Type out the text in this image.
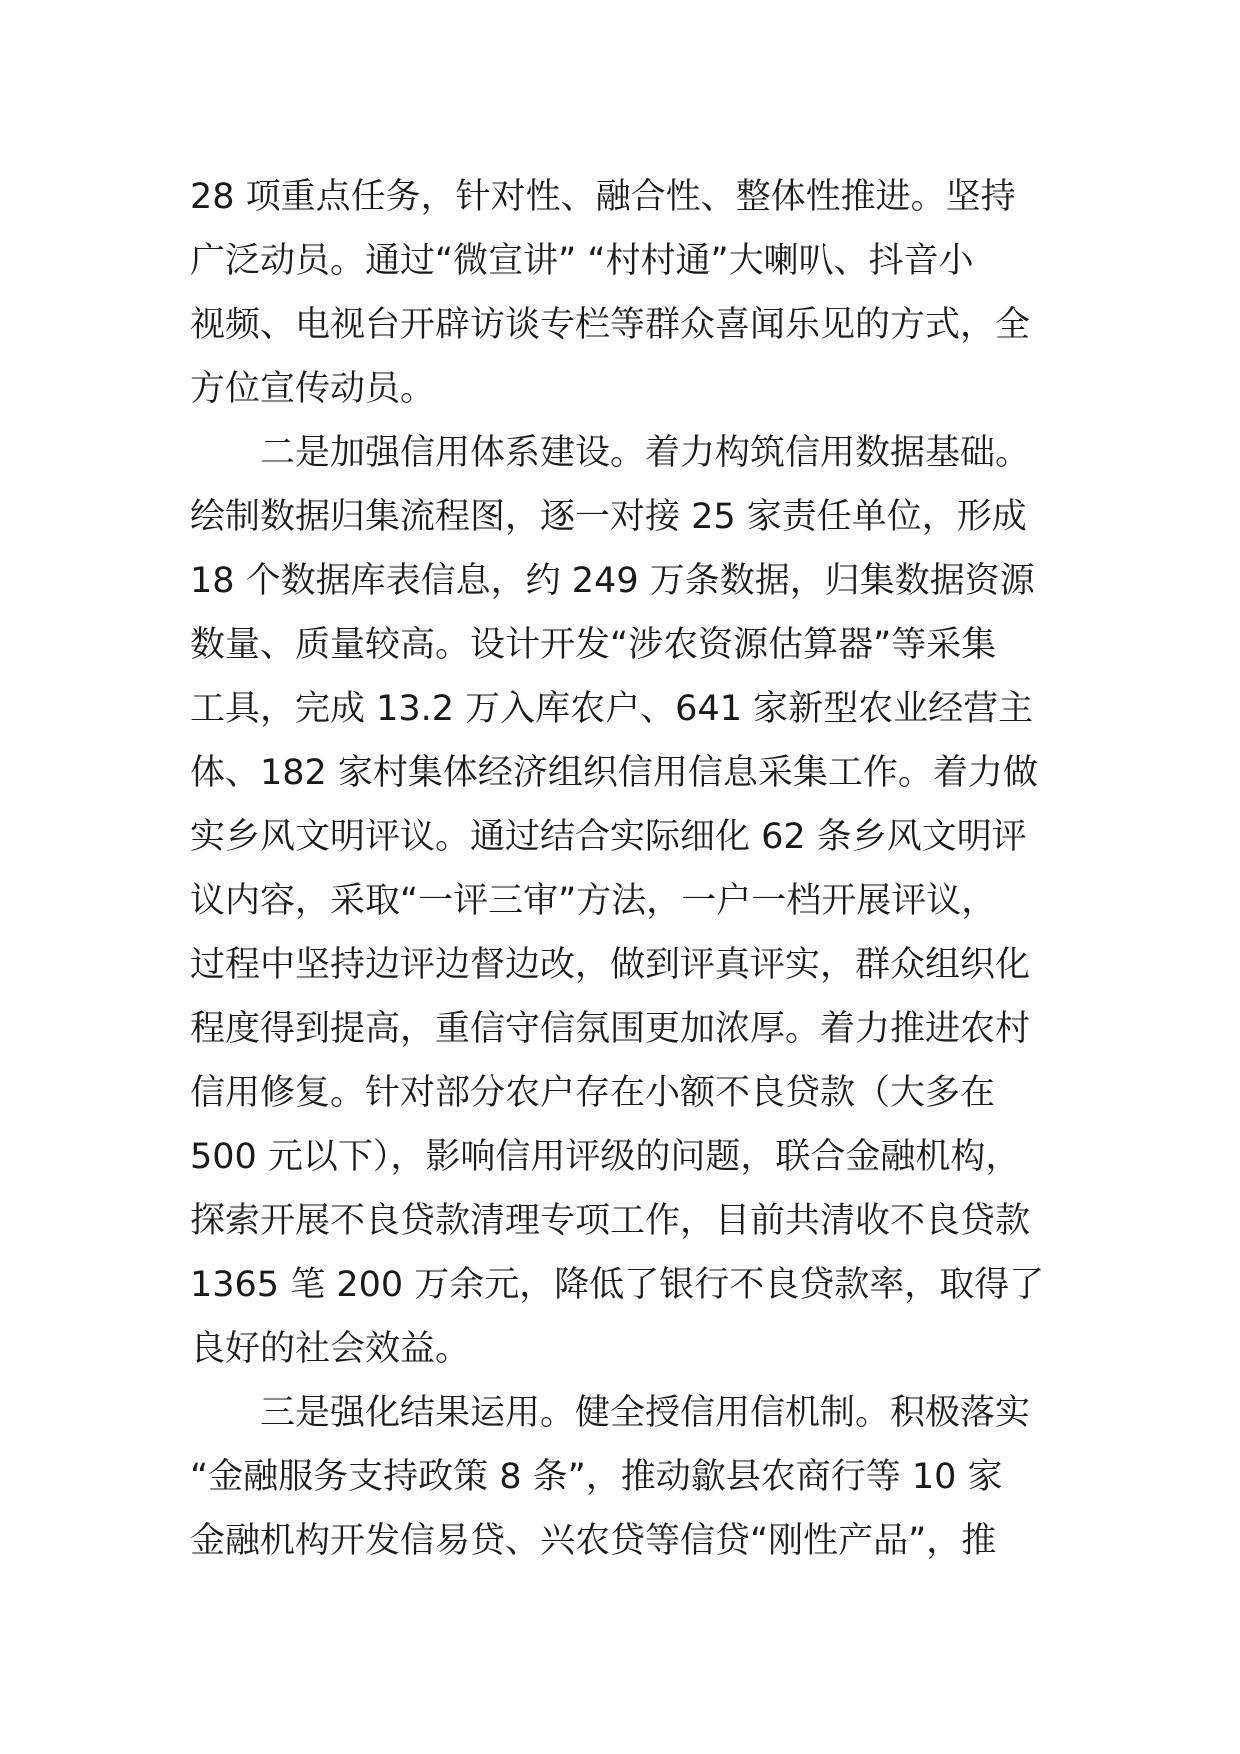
28 项重点任务，针对性、融合性、整体性推进。坚持
广泛动员。通过“微宣讲” “村村通”大喇叭、抖音小
视频、电视台开辟访谈专栏等群众喜闻乐见的方式，全
方位宣传动员。
二是加强信用体系建设。着力构筑信用数据基础。
绘制数据归集流程图，逐一对接 25 家责任单位，形成
18 个数据库表信息，约 249 万条数据，归集数据资源
数量、质量较高。设计开发“涉农资源估算器”等采集
工具，完成 13.2 万入库农户、641 家新型农业经营主
体、182 家村集体经济组织信用信息采集工作。着力做
实乡风文明评议。通过结合实际细化 62 条乡风文明评
议内容，采取“一评三审”方法，一户一档开展评议，
过程中坚持边评边督边改，做到评真评实，群众组织化
程度得到提高，重信守信氛围更加浓厚。着力推进农村
信用修复。针对部分农户存在小额不良贷款（大多在
500 元以下），影响信用评级的问题，联合金融机构，
探索开展不良贷款清理专项工作，目前共清收不良贷款
1365 笔 200 万余元，降低了银行不良贷款率，取得了
良好的社会效益。
三是强化结果运用。健全授信用信机制。积极落实
“金融服务支持政策 8 条”，推动歙县农商行等 10 家
金融机构开发信易贷、兴农贷等信贷“刚性产品”，推
